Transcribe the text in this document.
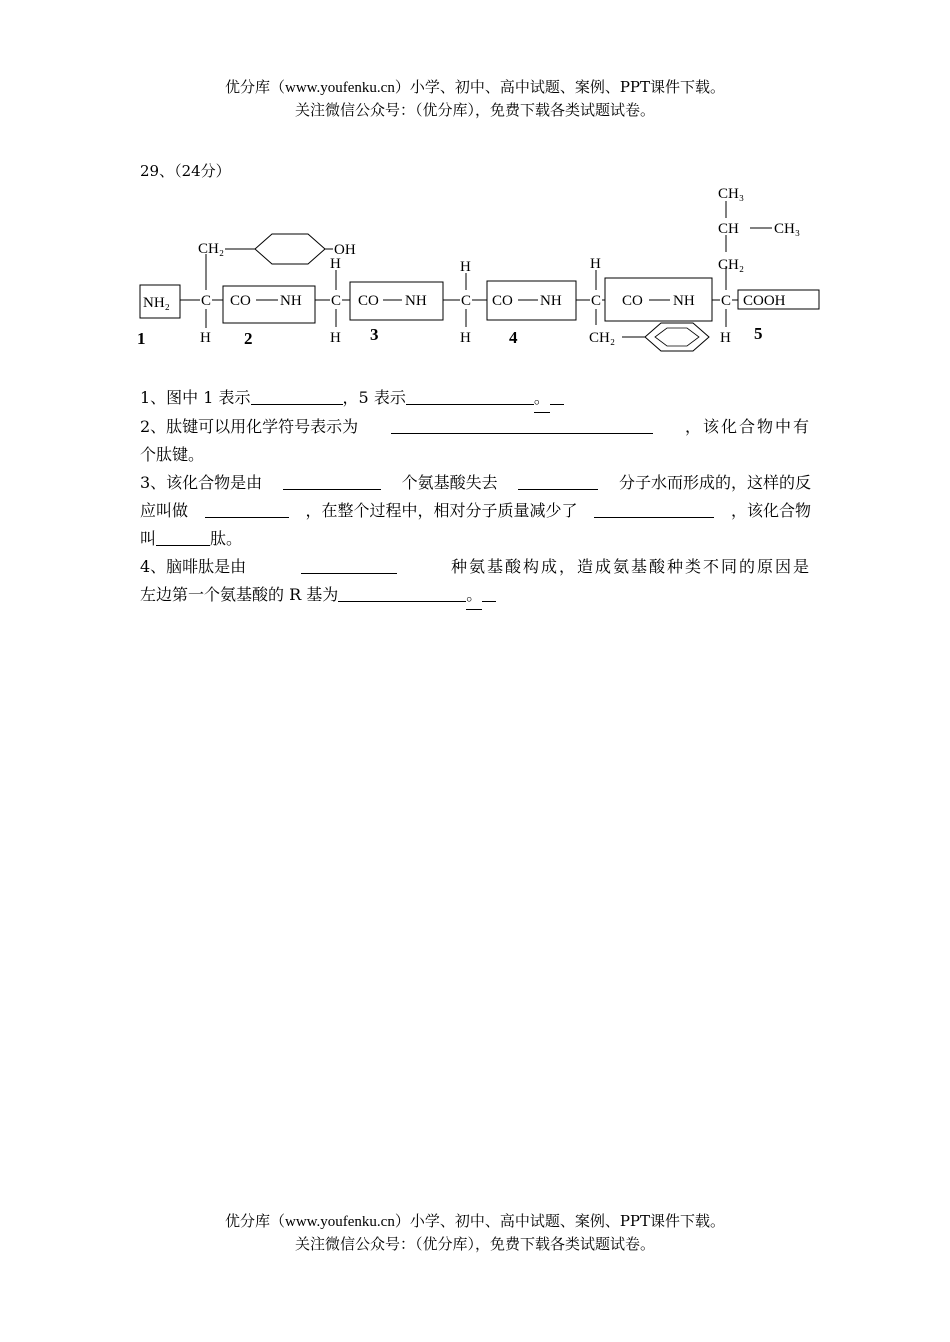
优分库（www.youfenku.cn）小学、初中、高中试题、案例、PPT课件下载。
关注微信公众号：（优分库），免费下载各类试题试卷。
29、（24分）
NH₂ C	C	C	C	C
H
H
H
H
H
H
H
CO NH	CO NH	CO NH	CO NH	COOH
CH₂	OH
CH₂
CH₃
CH CH₃
CH₂
1	2	3	4	5
1、图中 1 表示	，5 表示	。
2、肽键可以用化学符号表示为	，该化合物中有
个肽键。
3、该化合物是由	个氨基酸失去	分子水而形成的，这样的反
应叫做	，在整个过程中，相对分子质量减少了	，该化合物
叫	肽。
4、脑啡肽是由	种氨基酸构成，造成氨基酸种类不同的原因是
左边第一个氨基酸的 R 基为	。
优分库（www.youfenku.cn）小学、初中、高中试题、案例、PPT课件下载。
关注微信公众号：（优分库），免费下载各类试题试卷。
